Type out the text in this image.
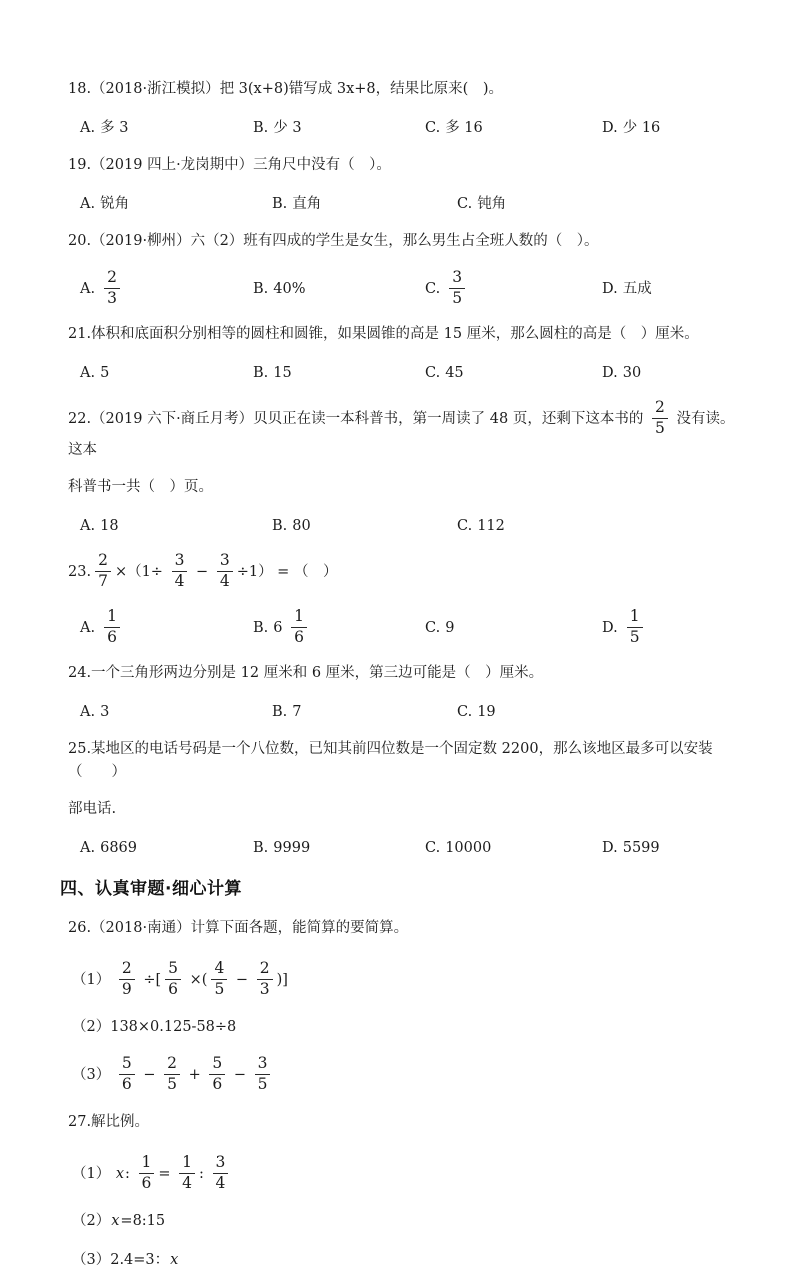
18.（2018·浙江模拟）把 3(x+8)错写成 3x+8，结果比原来(　)。
A. 多 3	B. 少 3	C. 多 16	D. 少 16
19.（2019 四上·龙岗期中）三角尺中没有（　）。
A. 锐角	B. 直角	C. 钝角
20.（2019·柳州）六（2）班有四成的学生是女生，那么男生占全班人数的（　）。
A. $\frac{2}{3}$	B. 40%	C. $\frac{3}{5}$	D. 五成
21.体积和底面积分别相等的圆柱和圆锥，如果圆锥的高是 15 厘米，那么圆柱的高是（　）厘米。
A. 5	B. 15	C. 45	D. 30
22.（2019 六下·商丘月考）贝贝正在读一本科普书，第一周读了 48 页，还剩下这本书的 $\frac{2}{5}$ 没有读。这本
科普书一共（　）页。
A. 18	B. 80	C. 112
23. $\frac{2}{7} \times(1\div \frac{3}{4} - \frac{3}{4} \div 1)$ = （　）
A. $\frac{1}{6}$	B. $6 \frac{1}{6}$	C. 9	D. $\frac{1}{5}$
24.一个三角形两边分别是 12 厘米和 6 厘米，第三边可能是（　）厘米。
A. 3	B. 7	C. 19
25.某地区的电话号码是一个八位数，已知其前四位数是一个固定数 2200，那么该地区最多可以安装（　　）
部电话.
A. 6869	B. 9999	C. 10000	D. 5599
四、认真审题·细心计算
26.（2018·南通）计算下面各题，能简算的要简算。
$(1) \frac{2}{9}$ ÷[ $\frac{5}{6}$ ×( $\frac{4}{5} - \frac{2}{3}$ )]
（2）138×0.125-58÷8
$(3) \frac{5}{6} - \frac{2}{5} + \frac{5}{6} - \frac{3}{5}$
27.解比例。
（1） x: $\frac{1}{6} = \frac{1}{4}$ : $\frac{3}{4}$
（2）x=8:15
（3）2.4=3：x
